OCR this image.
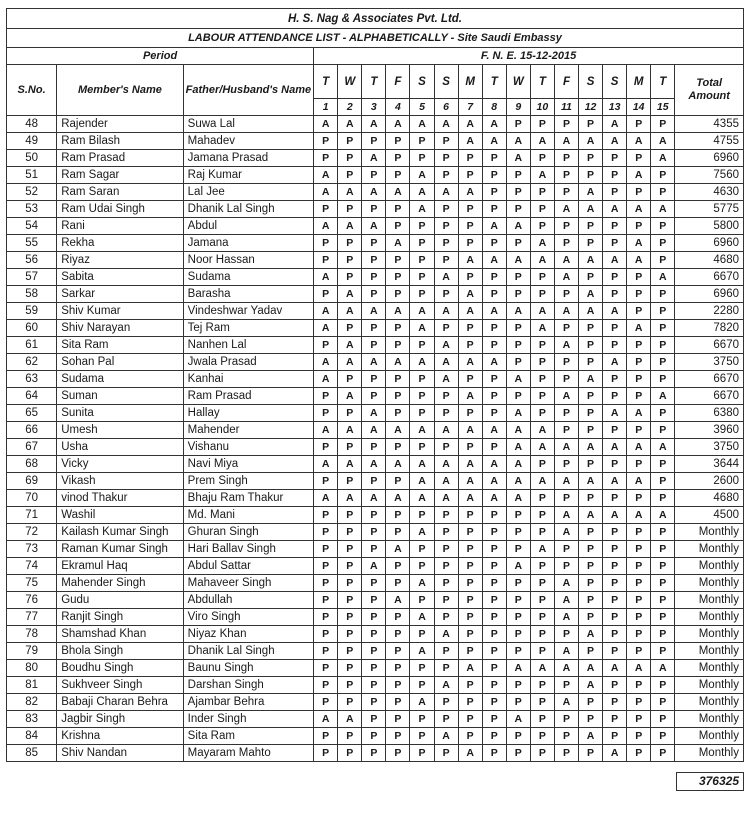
H. S. Nag & Associates Pvt. Ltd.																		
LABOUR ATTENDANCE LIST - ALPHABETICALLY - Site Saudi Embassy																		
Period			F. N. E. 15-12-2015															
S.No.	Member's Name	Father/Husband's Name	T	W	T	F	S	S	M	T	W	T	F	S	S	M	T	Total Amount
			1	2	3	4	5	6	7	8	9	10	11	12	13	14	15	
48	Rajender	Suwa Lal	A	A	A	A	A	A	A	A	P	P	P	P	A	P	P	4355
49	Ram Bilash	Mahadev	P	P	P	P	P	P	A	A	A	A	A	A	A	A	A	4755
50	Ram Prasad	Jamana Prasad	P	P	A	P	P	P	P	P	A	P	P	P	P	P	A	6960
51	Ram Sagar	Raj Kumar	A	P	P	P	A	P	P	P	P	A	P	P	P	A	P	7560
52	Ram Saran	Lal Jee	A	A	A	A	A	A	A	P	P	P	P	A	P	P	P	4630
53	Ram Udai Singh	Dhanik Lal Singh	P	P	P	P	A	P	P	P	P	P	A	A	A	A	A	5775
54	Rani	Abdul	A	A	A	P	P	P	P	A	A	P	P	P	P	P	P	5800
55	Rekha	Jamana	P	P	P	A	P	P	P	P	P	A	P	P	P	A	P	6960
56	Riyaz	Noor Hassan	P	P	P	P	P	P	A	A	A	A	A	A	A	A	P	4680
57	Sabita	Sudama	A	P	P	P	P	A	P	P	P	P	A	P	P	P	A	6670
58	Sarkar	Barasha	P	A	P	P	P	P	A	P	P	P	P	A	P	P	P	6960
59	Shiv Kumar	Vindeshwar Yadav	A	A	A	A	A	A	A	A	A	A	A	A	A	P	P	2280
60	Shiv Narayan	Tej Ram	A	P	P	P	A	P	P	P	P	A	P	P	P	A	P	7820
61	Sita Ram	Nanhen Lal	P	A	P	P	P	A	P	P	P	P	A	P	P	P	P	6670
62	Sohan Pal	Jwala Prasad	A	A	A	A	A	A	A	A	P	P	P	P	A	P	P	3750
63	Sudama	Kanhai	A	P	P	P	P	A	P	P	A	P	P	A	P	P	P	6670
64	Suman	Ram Prasad	P	A	P	P	P	P	A	P	P	P	A	P	P	P	A	6670
65	Sunita	Hallay	P	P	A	P	P	P	P	P	A	P	P	P	A	A	P	6380
66	Umesh	Mahender	A	A	A	A	A	A	A	A	A	A	P	P	P	P	P	3960
67	Usha	Vishanu	P	P	P	P	P	P	P	P	A	A	A	A	A	A	A	3750
68	Vicky	Navi Miya	A	A	A	A	A	A	A	A	A	P	P	P	P	P	P	3644
69	Vikash	Prem Singh	P	P	P	P	A	A	A	A	A	A	A	A	A	A	P	2600
70	vinod Thakur	Bhaju Ram Thakur	A	A	A	A	A	A	A	A	A	P	P	P	P	P	P	4680
71	Washil	Md. Mani	P	P	P	P	P	P	P	P	P	P	A	A	A	A	A	4500
72	Kailash Kumar Singh	Ghuran Singh	P	P	P	P	A	P	P	P	P	P	A	P	P	P	P	Monthly
73	Raman Kumar Singh	Hari Ballav Singh	P	P	P	A	P	P	P	P	P	A	P	P	P	P	P	Monthly
74	Ekramul Haq	Abdul Sattar	P	P	A	P	P	P	P	P	A	P	P	P	P	P	P	Monthly
75	Mahender Singh	Mahaveer Singh	P	P	P	P	A	P	P	P	P	P	A	P	P	P	P	Monthly
76	Gudu	Abdullah	P	P	P	A	P	P	P	P	P	P	A	P	P	P	P	Monthly
77	Ranjit Singh	Viro Singh	P	P	P	P	A	P	P	P	P	P	A	P	P	P	P	Monthly
78	Shamshad Khan	Niyaz Khan	P	P	P	P	P	A	P	P	P	P	P	A	P	P	P	Monthly
79	Bhola Singh	Dhanik Lal Singh	P	P	P	P	A	P	P	P	P	P	A	P	P	P	P	Monthly
80	Boudhu Singh	Baunu Singh	P	P	P	P	P	P	A	P	A	A	A	A	A	A	A	Monthly
81	Sukhveer Singh	Darshan Singh	P	P	P	P	P	A	P	P	P	P	P	A	P	P	P	Monthly
82	Babaji Charan Behra	Ajambar Behra	P	P	P	P	A	P	P	P	P	P	A	P	P	P	P	Monthly
83	Jagbir Singh	Inder Singh	A	A	P	P	P	P	P	P	A	P	P	P	P	P	P	Monthly
84	Krishna	Sita Ram	P	P	P	P	P	A	P	P	P	P	P	A	P	P	P	Monthly
85	Shiv Nandan	Mayaram Mahto	P	P	P	P	P	P	A	P	P	P	P	P	A	P	P	Monthly
376325
